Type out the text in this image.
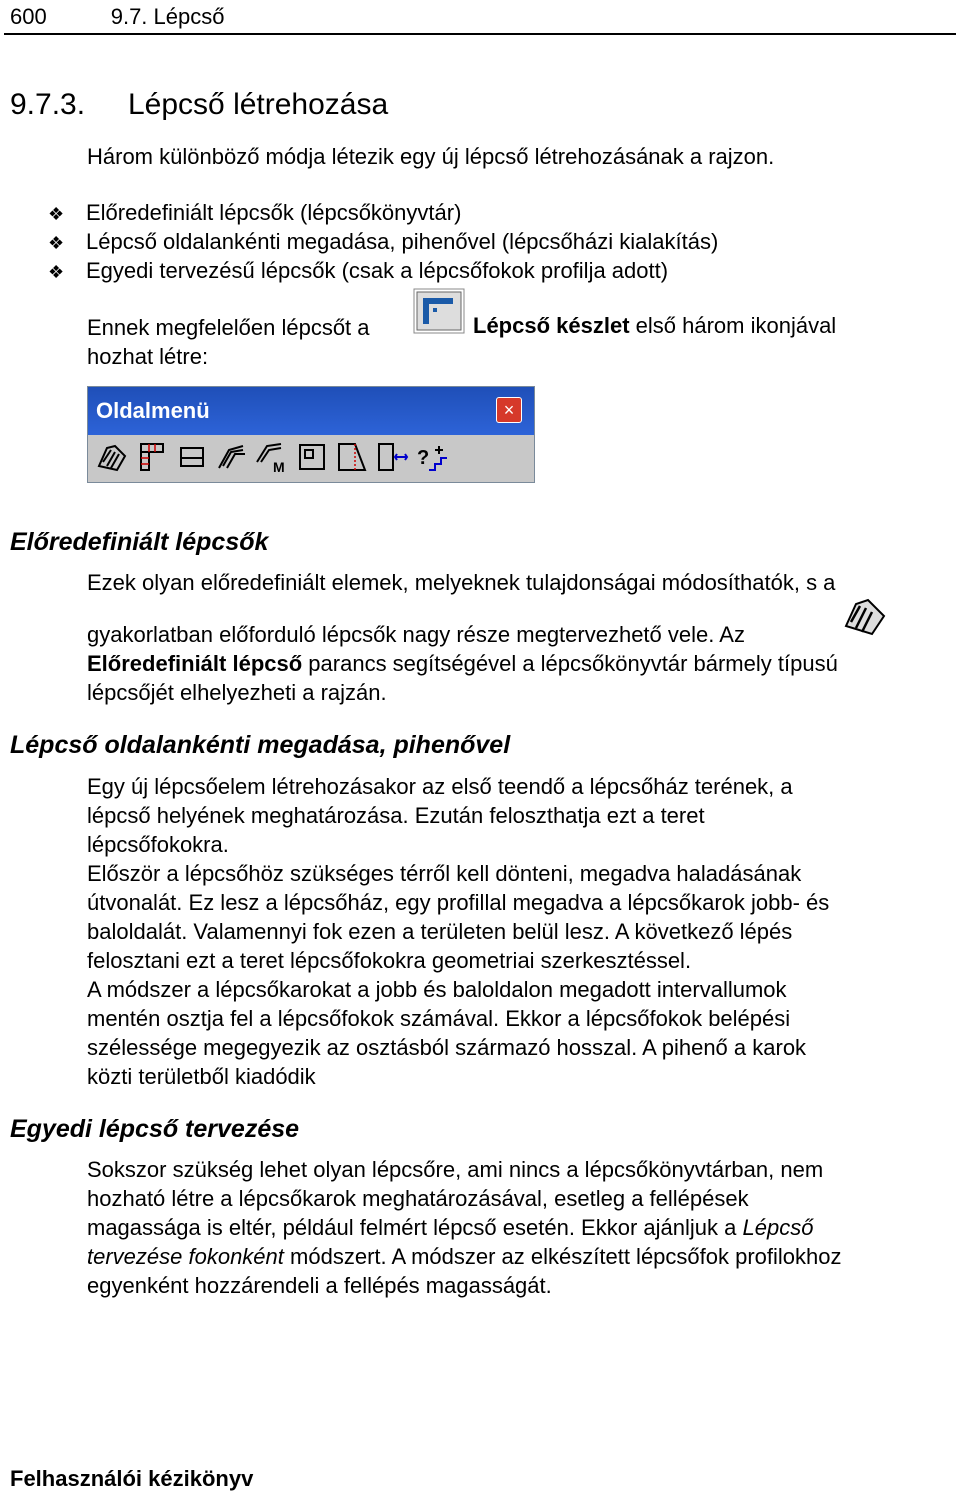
600	9.7. Lépcső
9.7.3. Lépcső létrehozása
Három különböző módja létezik egy új lépcső létrehozásának a rajzon.
❖ Előredefiniált lépcsők (lépcsőkönyvtár)
❖ Lépcső oldalankénti megadása, pihenővel (lépcsőházi kialakítás)
❖ Egyedi tervezésű lépcsők (csak a lépcsőfokok profilja adott)
Ennek megfelelően lépcsőt a	Lépcső készlet első három ikonjával
hozhat létre:
Oldalmenü	×
M	?
Előredefiniált lépcsők
Ezek olyan előredefiniált elemek, melyeknek tulajdonságai módosíthatók, s a
gyakorlatban előforduló lépcsők nagy része megtervezhető vele. Az
Előredefiniált lépcső parancs segítségével a lépcsőkönyvtár bármely típusú
lépcsőjét elhelyezheti a rajzán.
Lépcső oldalankénti megadása, pihenővel
Egy új lépcsőelem létrehozásakor az első teendő a lépcsőház terének, a
lépcső helyének meghatározása. Ezután feloszthatja ezt a teret
lépcsőfokokra.
Először a lépcsőhöz szükséges térről kell dönteni, megadva haladásának
útvonalát. Ez lesz a lépcsőház, egy profillal megadva a lépcsőkarok jobb- és
baloldalát. Valamennyi fok ezen a területen belül lesz. A következő lépés
felosztani ezt a teret lépcsőfokokra geometriai szerkesztéssel.
A módszer a lépcsőkarokat a jobb és baloldalon megadott intervallumok
mentén osztja fel a lépcsőfokok számával. Ekkor a lépcsőfokok belépési
szélessége megegyezik az osztásból származó hosszal. A pihenő a karok
közti területből kiadódik
Egyedi lépcső tervezése
Sokszor szükség lehet olyan lépcsőre, ami nincs a lépcsőkönyvtárban, nem
hozható létre a lépcsőkarok meghatározásával, esetleg a fellépések
magassága is eltér, például felmért lépcső esetén. Ekkor ajánljuk a Lépcső
tervezése fokonként módszert. A módszer az elkészített lépcsőfok profilokhoz
egyenként hozzárendeli a fellépés magasságát.
Felhasználói kézikönyv
